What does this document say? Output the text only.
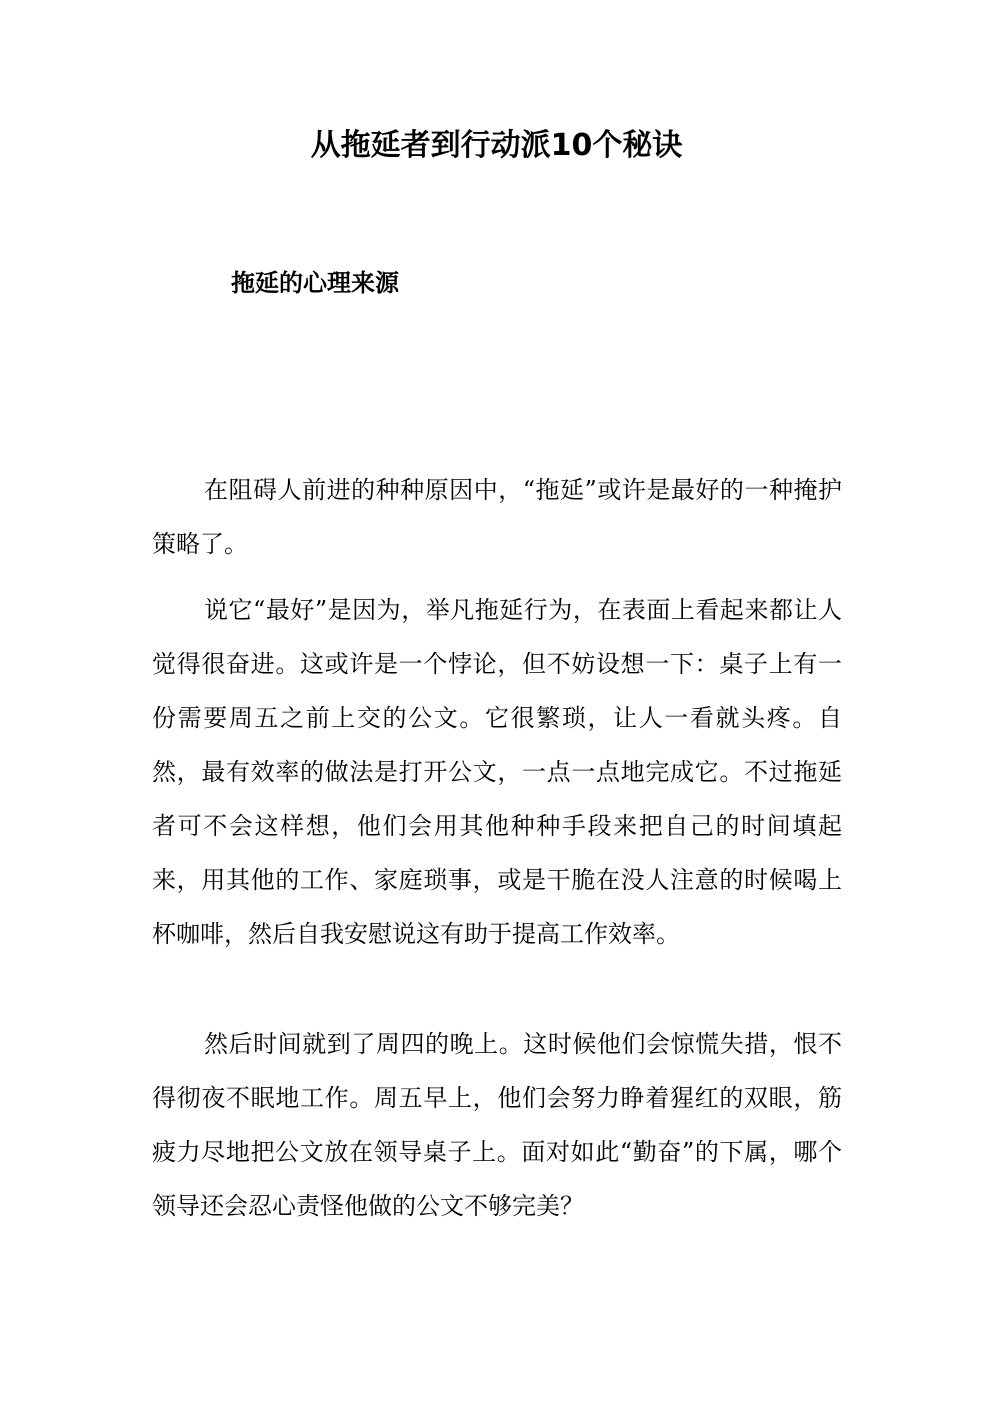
从拖延者到行动派10个秘诀
拖延的心理来源

在阻碍人前进的种种原因中，“拖延”或许是最好的一种掩护策略了。

说它“最好”是因为，举凡拖延行为，在表面上看起来都让人觉得很奋进。这或许是一个悖论，但不妨设想一下：桌子上有一份需要周五之前上交的公文。它很繁琐，让人一看就头疼。自然，最有效率的做法是打开公文，一点一点地完成它。不过拖延者可不会这样想，他们会用其他种种手段来把自己的时间填起来，用其他的工作、家庭琐事，或是干脆在没人注意的时候喝上杯咖啡，然后自我安慰说这有助于提高工作效率。

然后时间就到了周四的晚上。这时候他们会惊慌失措，恨不得彻夜不眠地工作。周五早上，他们会努力睁着猩红的双眼，筋疲力尽地把公文放在领导桌子上。面对如此“勤奋”的下属，哪个领导还会忍心责怪他做的公文不够完美？
